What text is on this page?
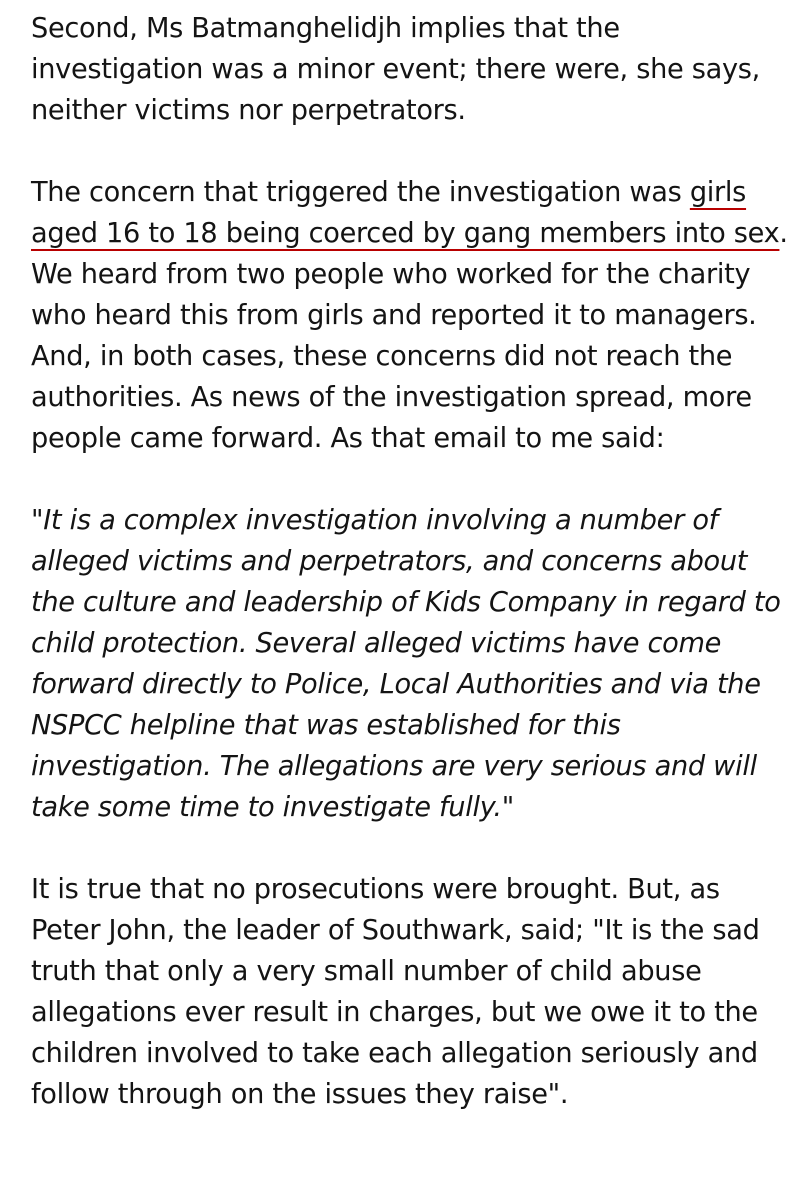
Second, Ms Batmanghelidjh implies that the investigation was a minor event; there were, she says, neither victims nor perpetrators.

The concern that triggered the investigation was girls aged 16 to 18 being coerced by gang members into sex. We heard from two people who worked for the charity who heard this from girls and reported it to managers. And, in both cases, these concerns did not reach the authorities. As news of the investigation spread, more people came forward. As that email to me said:

"It is a complex investigation involving a number of alleged victims and perpetrators, and concerns about the culture and leadership of Kids Company in regard to child protection. Several alleged victims have come forward directly to Police, Local Authorities and via the NSPCC helpline that was established for this investigation. The allegations are very serious and will take some time to investigate fully."

It is true that no prosecutions were brought. But, as Peter John, the leader of Southwark, said; "It is the sad truth that only a very small number of child abuse allegations ever result in charges, but we owe it to the children involved to take each allegation seriously and follow through on the issues they raise".
